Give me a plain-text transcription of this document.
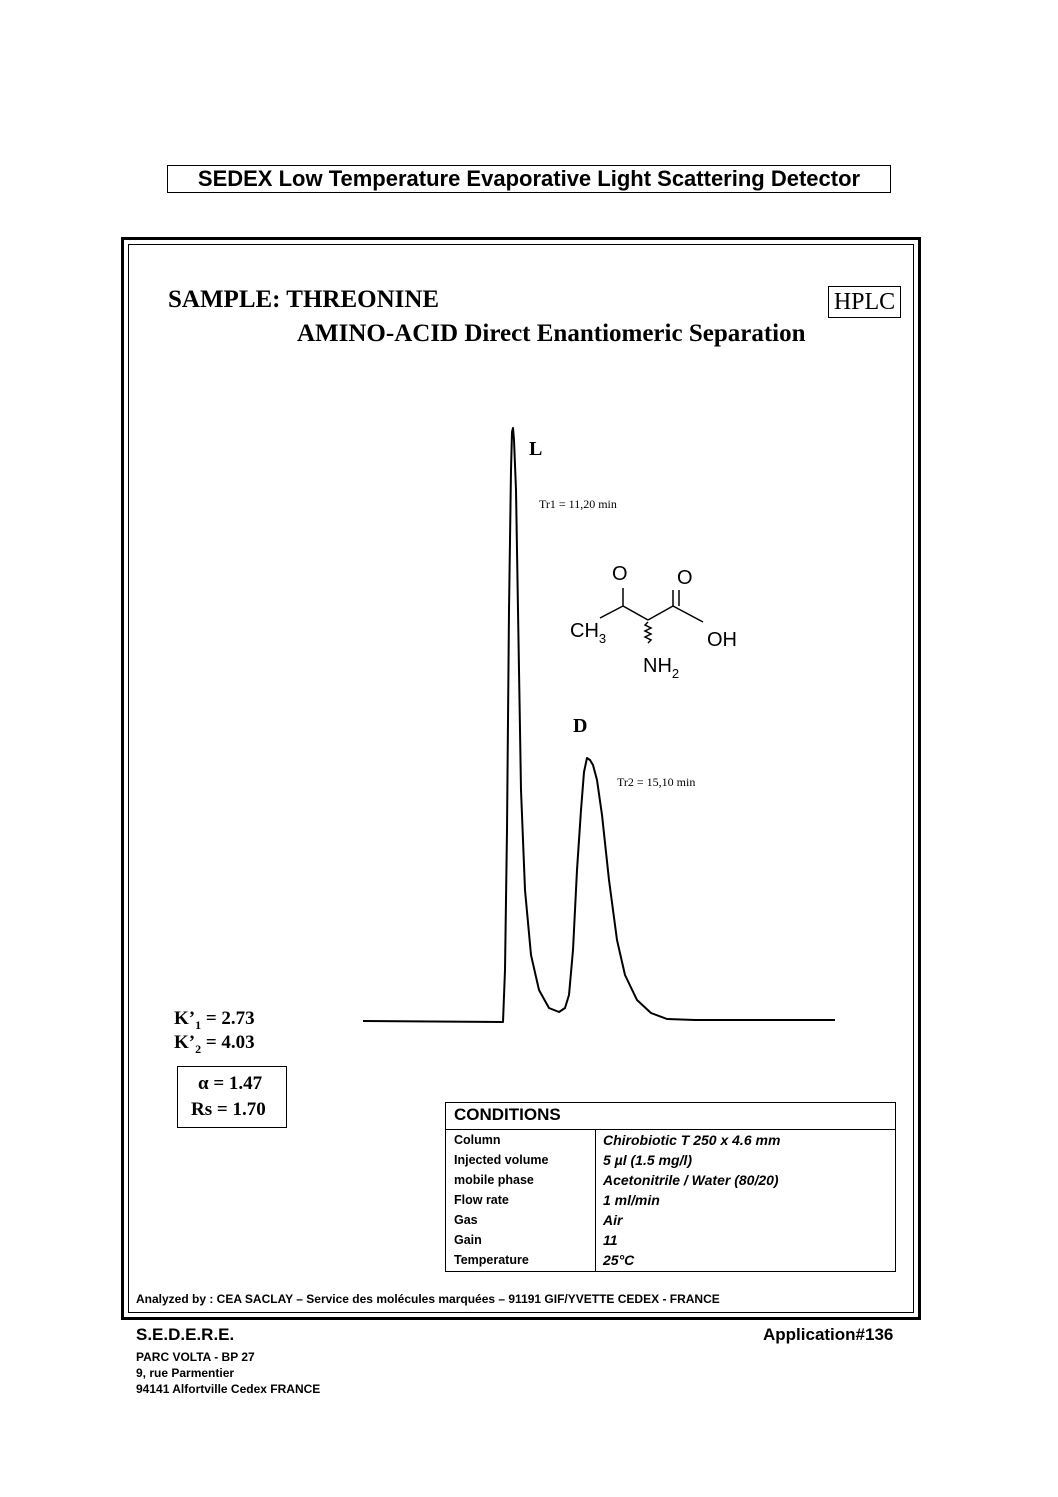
SEDEX Low Temperature Evaporative Light Scattering Detector
SAMPLE: THREONINE	HPLC
AMINO-ACID Direct Enantiomeric Separation
L
Tr1 = 11,20 min
D
Tr2 = 15,10 min
O O
$CH_3$	OH
$NH_2$
$K’_1 = 2.73$
$K’_2 = 4.03$
α = 1.47
Rs = 1.70	CONDITIONS
Column	Chirobiotic T 250 x 4.6 mm
Injected volume	5 µl (1.5 mg/l)
mobile phase	Acetonitrile / Water (80/20)
Flow rate	1 ml/min
Gas	Air
Gain	11
Temperature	25°C
Analyzed by : CEA SACLAY – Service des molécules marquées – 91191 GIF/YVETTE CEDEX - FRANCE
S.E.D.E.R.E.	Application#136
PARC VOLTA - BP 27
9, rue Parmentier
94141 Alfortville Cedex FRANCE
